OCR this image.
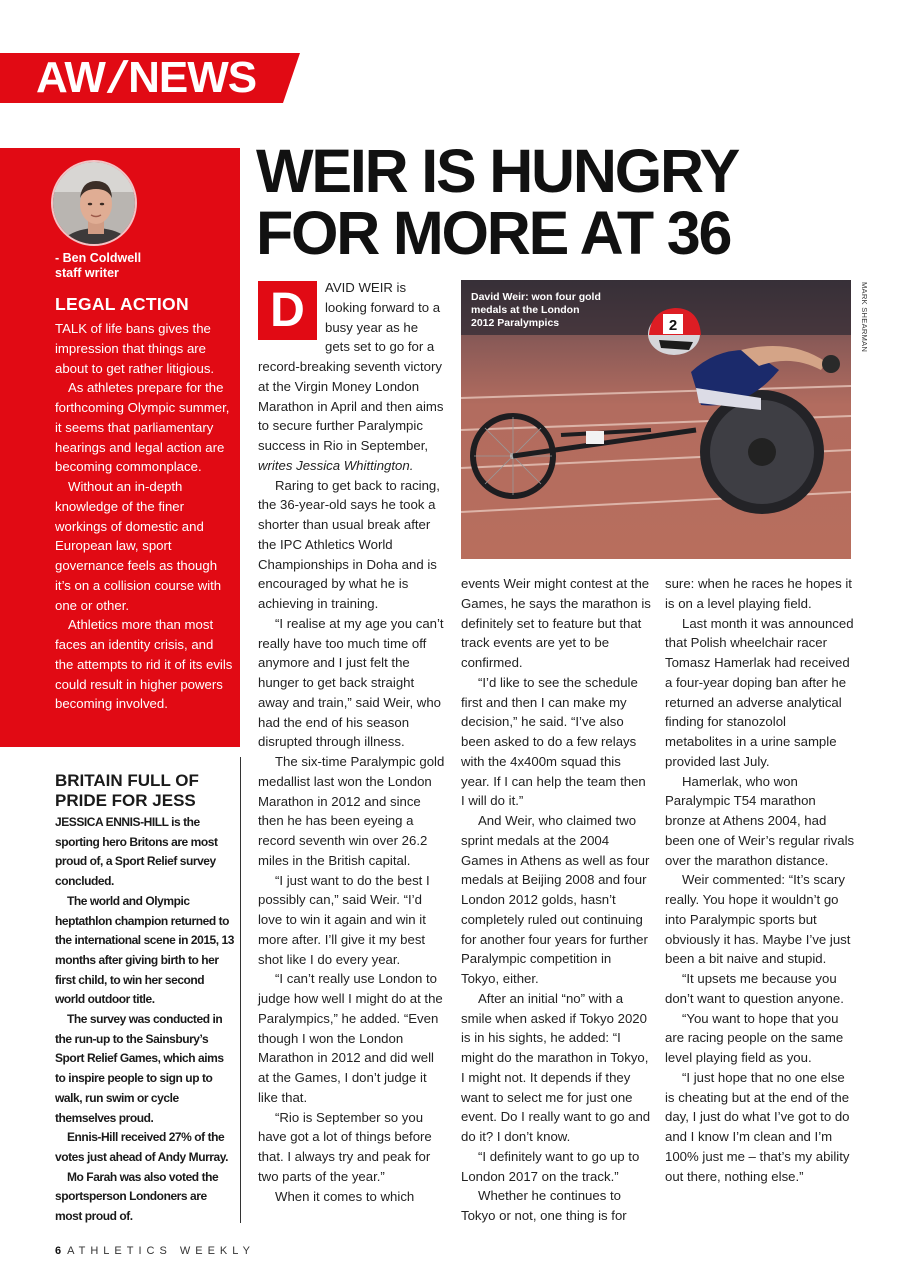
AW/NEWS
- Ben Coldwell
staff writer
LEGAL ACTION

TALK of life bans gives the impression that things are about to get rather litigious.

As athletes prepare for the forthcoming Olympic summer, it seems that parliamentary hearings and legal action are becoming commonplace.

Without an in-depth knowledge of the finer workings of domestic and European law, sport governance feels as though it’s on a collision course with one or other.

Athletics more than most faces an identity crisis, and the attempts to rid it of its evils could result in higher powers becoming involved.

BRITAIN FULL OF PRIDE FOR JESS

JESSICA ENNIS-HILL is the sporting hero Britons are most proud of, a Sport Relief survey concluded.

The world and Olympic heptathlon champion returned to the international scene in 2015, 13 months after giving birth to her first child, to win her second world outdoor title.

The survey was conducted in the run-up to the Sainsbury’s Sport Relief Games, which aims to inspire people to sign up to walk, run swim or cycle themselves proud.

Ennis-Hill received 27% of the votes just ahead of Andy Murray.

Mo Farah was also voted the sportsperson Londoners are most proud of.

WEIR IS HUNGRY
FOR MORE AT 36
D	AVID WEIR is looking forward to a busy year as he gets set to go for a

record-breaking seventh victory at the Virgin Money London Marathon in April and then aims to secure further Paralympic success in Rio in September, writes Jessica Whittington.

Raring to get back to racing, the 36-year-old says he took a shorter than usual break after the IPC Athletics World Championships in Doha and is encouraged by what he is achieving in training.

“I realise at my age you can’t really have too much time off anymore and I just felt the hunger to get back straight away and train,” said Weir, who had the end of his season disrupted through illness.

The six-time Paralympic gold medallist last won the London Marathon in 2012 and since then he has been eyeing a record seventh win over 26.2 miles in the British capital.

“I just want to do the best I possibly can,” said Weir. “I’d love to win it again and win it more after. I’ll give it my best shot like I do every year.

“I can’t really use London to judge how well I might do at the Paralympics,” he added. “Even though I won the London Marathon in 2012 and did well at the Games, I don’t judge it like that.

“Rio is September so you have got a lot of things before that. I always try and peak for two parts of the year.”

When it comes to which

2
David Weir: won four gold medals at the London 2012 Paralympics	MARK SHEARMAN

events Weir might contest at the Games, he says the marathon is definitely set to feature but that track events are yet to be confirmed.

“I’d like to see the schedule first and then I can make my decision,” he said. “I’ve also been asked to do a few relays with the 4x400m squad this year. If I can help the team then I will do it.”

And Weir, who claimed two sprint medals at the 2004 Games in Athens as well as four medals at Beijing 2008 and four London 2012 golds, hasn’t completely ruled out continuing for another four years for further Paralympic competition in Tokyo, either.

After an initial “no” with a smile when asked if Tokyo 2020 is in his sights, he added: “I might do the marathon in Tokyo, I might not. It depends if they want to select me for just one event. Do I really want to go and do it? I don’t know.

“I definitely want to go up to London 2017 on the track.”

Whether he continues to Tokyo or not, one thing is for

sure: when he races he hopes it is on a level playing field.

Last month it was announced that Polish wheelchair racer Tomasz Hamerlak had received a four-year doping ban after he returned an adverse analytical finding for stanozolol metabolites in a urine sample provided last July.

Hamerlak, who won Paralympic T54 marathon bronze at Athens 2004, had been one of Weir’s regular rivals over the marathon distance.

Weir commented: “It’s scary really. You hope it wouldn’t go into Paralympic sports but obviously it has. Maybe I’ve just been a bit naive and stupid.

“It upsets me because you don’t want to question anyone.

“You want to hope that you are racing people on the same level playing field as you.

“I just hope that no one else is cheating but at the end of the day, I just do what I’ve got to do and I know I’m clean and I’m 100% just me – that’s my ability out there, nothing else.”

6 ATHLETICS WEEKLY
